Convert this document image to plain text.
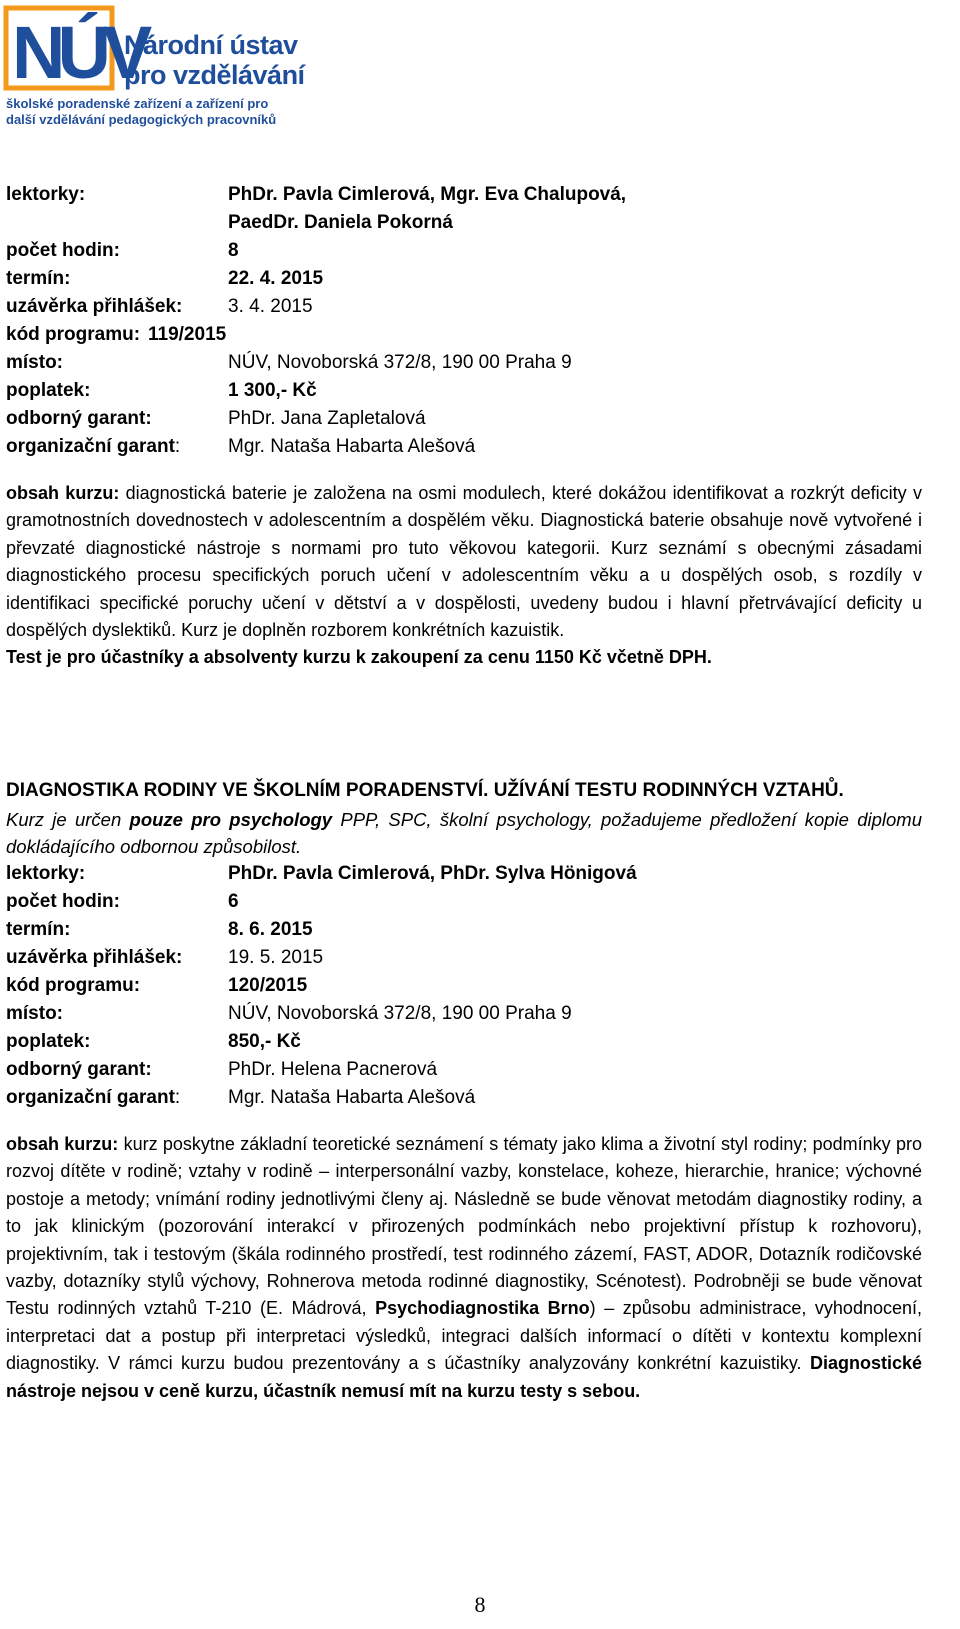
NÚV
Národní ústav
pro vzdělávání
školské poradenské zařízení a zařízení pro
další vzdělávání pedagogických pracovníků
lektorky:	PhDr. Pavla Cimlerová, Mgr. Eva Chalupová,
PaedDr. Daniela Pokorná
počet hodin:	8
termín:	22. 4. 2015
uzávěrka přihlášek: 3. 4. 2015
kód programu: 119/2015
místo:	NÚV, Novoborská 372/8, 190 00 Praha 9
poplatek:	1 300,- Kč
odborný garant:	PhDr. Jana Zapletalová
organizační garant:	Mgr. Nataša Habarta Alešová

obsah kurzu: diagnostická baterie je založena na osmi modulech, které dokážou identifikovat a rozkrýt deficity v gramotnostních dovednostech v adolescentním a dospělém věku. Diagnostická baterie obsahuje nově vytvořené i převzaté diagnostické nástroje s normami pro tuto věkovou kategorii. Kurz seznámí s obecnými zásadami diagnostického procesu specifických poruch učení v adolescentním věku a u dospělých osob, s rozdíly v identifikaci specifické poruchy učení v dětství a v dospělosti, uvedeny budou i hlavní přetrvávající deficity u dospělých dyslektiků. Kurz je doplněn rozborem konkrétních kazuistik.
Test je pro účastníky a absolventy kurzu k zakoupení za cenu 1150 Kč včetně DPH.

DIAGNOSTIKA RODINY VE ŠKOLNÍM PORADENSTVÍ. UŽÍVÁNÍ TESTU RODINNÝCH VZTAHŮ.

Kurz je určen pouze pro psychology PPP, SPC, školní psychology, požadujeme předložení kopie diplomu dokládajícího odbornou způsobilost.

lektorky:	PhDr. Pavla Cimlerová, PhDr. Sylva Hönigová
počet hodin:	6
termín:	8. 6. 2015
uzávěrka přihlášek: 19. 5. 2015
kód programu:	120/2015
místo:	NÚV, Novoborská 372/8, 190 00 Praha 9
poplatek:	850,- Kč
odborný garant:	PhDr. Helena Pacnerová
organizační garant:	Mgr. Nataša Habarta Alešová

obsah kurzu: kurz poskytne základní teoretické seznámení s tématy jako klima a životní styl rodiny; podmínky pro rozvoj dítěte v rodině; vztahy v rodině – interpersonální vazby, konstelace, koheze, hierarchie, hranice; výchovné postoje a metody; vnímání rodiny jednotlivými členy aj. Následně se bude věnovat metodám diagnostiky rodiny, a to jak klinickým (pozorování interakcí v přirozených podmínkách nebo projektivní přístup k rozhovoru), projektivním, tak i testovým (škála rodinného prostředí, test rodinného zázemí, FAST, ADOR, Dotazník rodičovské vazby, dotazníky stylů výchovy, Rohnerova metoda rodinné diagnostiky, Scénotest). Podrobněji se bude věnovat Testu rodinných vztahů T-210 (E. Mádrová, Psychodiagnostika Brno) – způsobu administrace, vyhodnocení, interpretaci dat a postup při interpretaci výsledků, integraci dalších informací o dítěti v kontextu komplexní diagnostiky. V rámci kurzu budou prezentovány a s účastníky analyzovány konkrétní kazuistiky. Diagnostické nástroje nejsou v ceně kurzu, účastník nemusí mít na kurzu testy s sebou.

8
